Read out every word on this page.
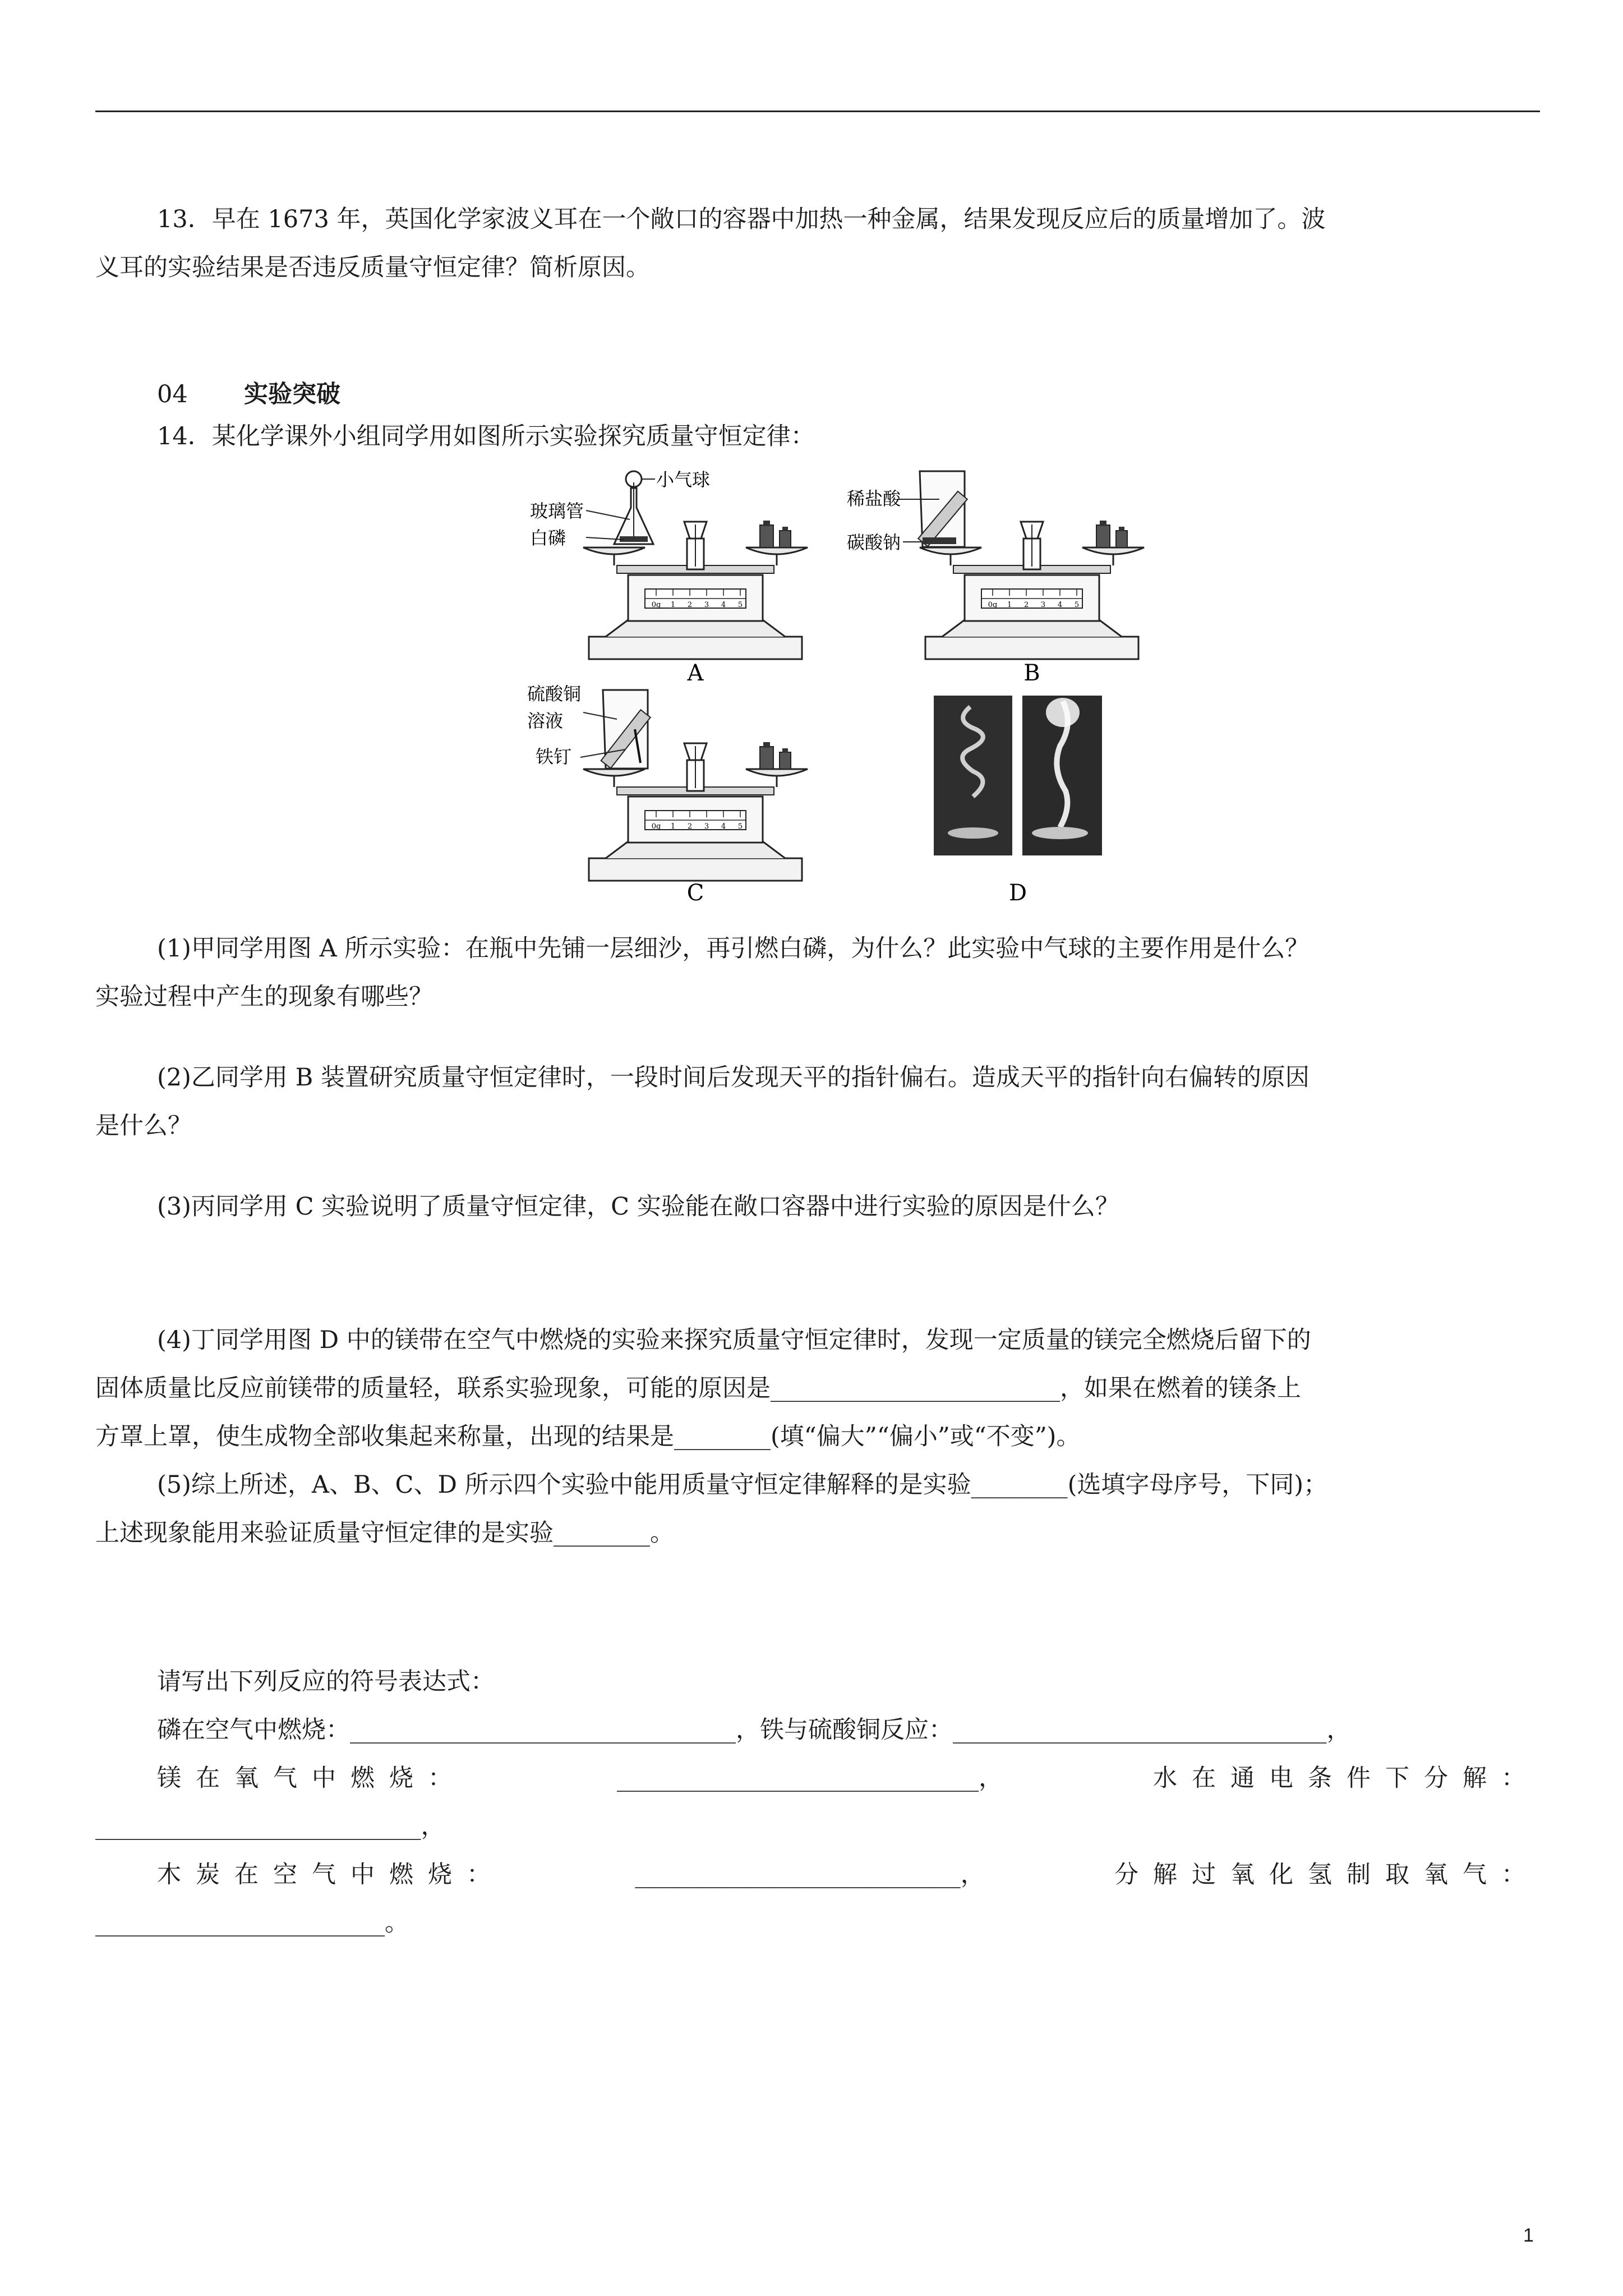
13．早在 1673 年，英国化学家波义耳在一个敞口的容器中加热一种金属，结果发现反应后的质量增加了。波

义耳的实验结果是否违反质量守恒定律？简析原因。

04 实验突破

14．某化学课外小组同学用如图所示实验探究质量守恒定律：

小气球
玻璃管
白磷
A
稀盐酸
碳酸钠
B
硫酸铜
溶液
铁钉
C	D
0g 1 2 3 4 5	0g 1 2 3 4 5
0g 1 2 3 4 5

(1)甲同学用图 A 所示实验：在瓶中先铺一层细沙，再引燃白磷，为什么？此实验中气球的主要作用是什么？

实验过程中产生的现象有哪些？

(2)乙同学用 B 装置研究质量守恒定律时，一段时间后发现天平的指针偏右。造成天平的指针向右偏转的原因

是什么？

(3)丙同学用 C 实验说明了质量守恒定律，C 实验能在敞口容器中进行实验的原因是什么？

(4)丁同学用图 D 中的镁带在空气中燃烧的实验来探究质量守恒定律时，发现一定质量的镁完全燃烧后留下的

固体质量比反应前镁带的质量轻，联系实验现象，可能的原因是________________________，如果在燃着的镁条上

方罩上罩，使生成物全部收集起来称量，出现的结果是________(填“偏大”“偏小”或“不变”)。

(5)综上所述，A、B、C、D 所示四个实验中能用质量守恒定律解释的是实验________(选填字母序号，下同)；

上述现象能用来验证质量守恒定律的是实验________。

请写出下列反应的符号表达式：

磷在空气中燃烧：________________________________，铁与硫酸铜反应：_______________________________，

镁在氧气中燃烧：	______________________________，	水在通电条件下分解：

___________________________，

木炭在空气中燃烧：	___________________________，	分解过氧化氢制取氧气：

________________________。

1
